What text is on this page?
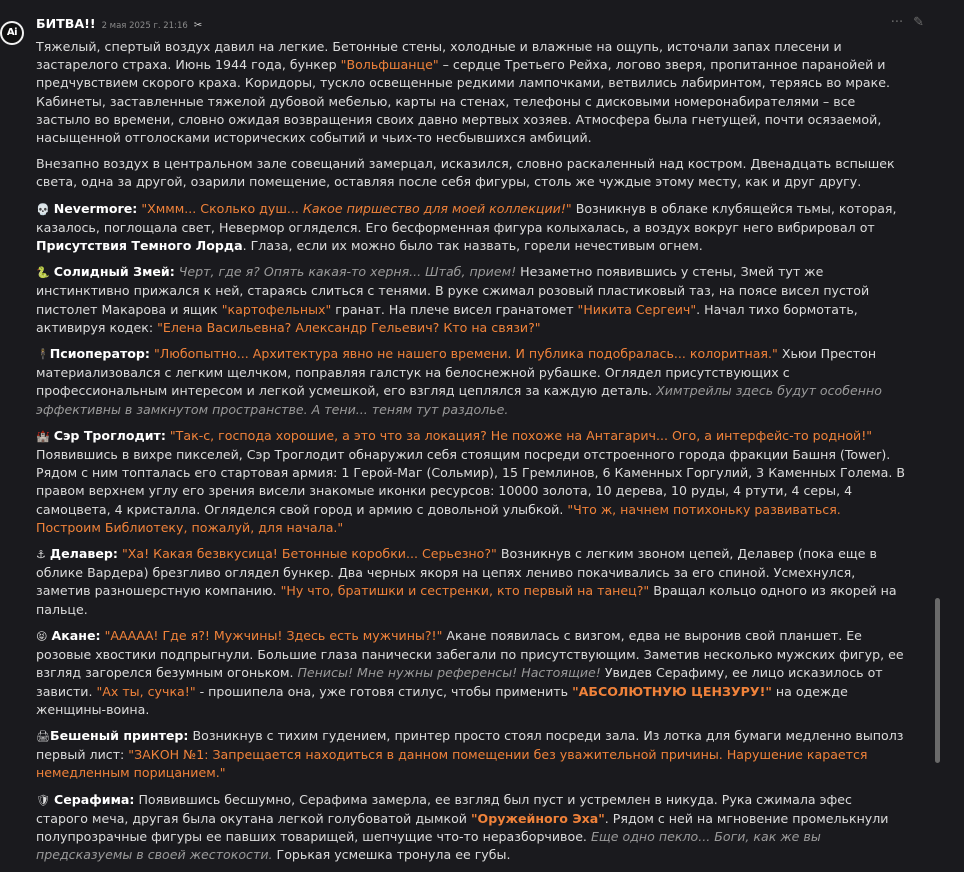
Ai
БИТВА!! 2 мая 2025 г. 21:16 ✂	··· ✎

Тяжелый, спертый воздух давил на легкие. Бетонные стены, холодные и влажные на ощупь, источали запах плесени и застарелого страха. Июнь 1944 года, бункер "Вольфшанце" – сердце Третьего Рейха, логово зверя, пропитанное паранойей и предчувствием скорого краха. Коридоры, тускло освещенные редкими лампочками, ветвились лабиринтом, теряясь во мраке. Кабинеты, заставленные тяжелой дубовой мебелью, карты на стенах, телефоны с дисковыми номеронабирателями – все застыло во времени, словно ожидая возвращения своих давно мертвых хозяев. Атмосфера была гнетущей, почти осязаемой, насыщенной отголосками исторических событий и чьих-то несбывшихся амбиций.

Внезапно воздух в центральном зале совещаний замерцал, исказился, словно раскаленный над костром. Двенадцать вспышек света, одна за другой, озарили помещение, оставляя после себя фигуры, столь же чуждые этому месту, как и друг другу.

💀 Nevermore: "Хммм... Сколько душ... Какое пиршество для моей коллекции!" Возникнув в облаке клубящейся тьмы, которая, казалось, поглощала свет, Невермор огляделся. Его бесформенная фигура колыхалась, а воздух вокруг него вибрировал от Присутствия Темного Лорда. Глаза, если их можно было так назвать, горели нечестивым огнем.

🐍 Солидный Змей: Черт, где я? Опять какая-то херня... Штаб, прием! Незаметно появившись у стены, Змей тут же инстинктивно прижался к ней, стараясь слиться с тенями. В руке сжимал розовый пластиковый таз, на поясе висел пустой пистолет Макарова и ящик "картофельных" гранат. На плече висел гранатомет "Никита Сергеич". Начал тихо бормотать, активируя кодек: "Елена Васильевна? Александр Гельевич? Кто на связи?"

🕴Псиоператор: "Любопытно... Архитектура явно не нашего времени. И публика подобралась... колоритная." Хьюи Престон материализовался с легким щелчком, поправляя галстук на белоснежной рубашке. Оглядел присутствующих с профессиональным интересом и легкой усмешкой, его взгляд цеплялся за каждую деталь. Химтрейлы здесь будут особенно эффективны в замкнутом пространстве. А тени... теням тут раздолье.

🏰 Сэр Троглодит: "Так-с, господа хорошие, а это что за локация? Не похоже на Антагарич... Ого, а интерфейс-то родной!" Появившись в вихре пикселей, Сэр Троглодит обнаружил себя стоящим посреди отстроенного города фракции Башня (Tower). Рядом с ним топталась его стартовая армия: 1 Герой-Маг (Сольмир), 15 Гремлинов, 6 Каменных Горгулий, 3 Каменных Голема. В правом верхнем углу его зрения висели знакомые иконки ресурсов: 10000 золота, 10 дерева, 10 руды, 4 ртути, 4 серы, 4 самоцвета, 4 кристалла. Огляделся свой город и армию с довольной улыбкой. "Что ж, начнем потихоньку развиваться. Построим Библиотеку, пожалуй, для начала."

⚓ Делавер: "Ха! Какая безвкусица! Бетонные коробки... Серьезно?" Возникнув с легким звоном цепей, Делавер (пока еще в облике Вардера) брезгливо оглядел бункер. Два черных якоря на цепях лениво покачивались за его спиной. Усмехнулся, заметив разношерстную компанию. "Ну что, братишки и сестренки, кто первый на танец?" Вращал кольцо одного из якорей на пальце.

😝 Акане: "ААААА! Где я?! Мужчины! Здесь есть мужчины?!" Акане появилась с визгом, едва не выронив свой планшет. Ее розовые хвостики подпрыгнули. Большие глаза панически забегали по присутствующим. Заметив несколько мужских фигур, ее взгляд загорелся безумным огоньком. Пенисы! Мне нужны референсы! Настоящие! Увидев Серафиму, ее лицо исказилось от зависти. "Ах ты, сучка!" - прошипела она, уже готовя стилус, чтобы применить "АБСОЛЮТНУЮ ЦЕНЗУРУ!" на одежде женщины-воина.

🖨Бешеный принтер: Возникнув с тихим гудением, принтер просто стоял посреди зала. Из лотка для бумаги медленно выполз первый лист: "ЗАКОН №1: Запрещается находиться в данном помещении без уважительной причины. Нарушение карается немедленным порицанием."

🛡 Серафима: Появившись бесшумно, Серафима замерла, ее взгляд был пуст и устремлен в никуда. Рука сжимала эфес старого меча, другая была окутана легкой голубоватой дымкой "Оружейного Эха". Рядом с ней на мгновение промелькнули полупрозрачные фигуры ее павших товарищей, шепчущие что-то неразборчивое. Еще одно пекло... Боги, как же вы предсказуемы в своей жестокости. Горькая усмешка тронула ее губы.
